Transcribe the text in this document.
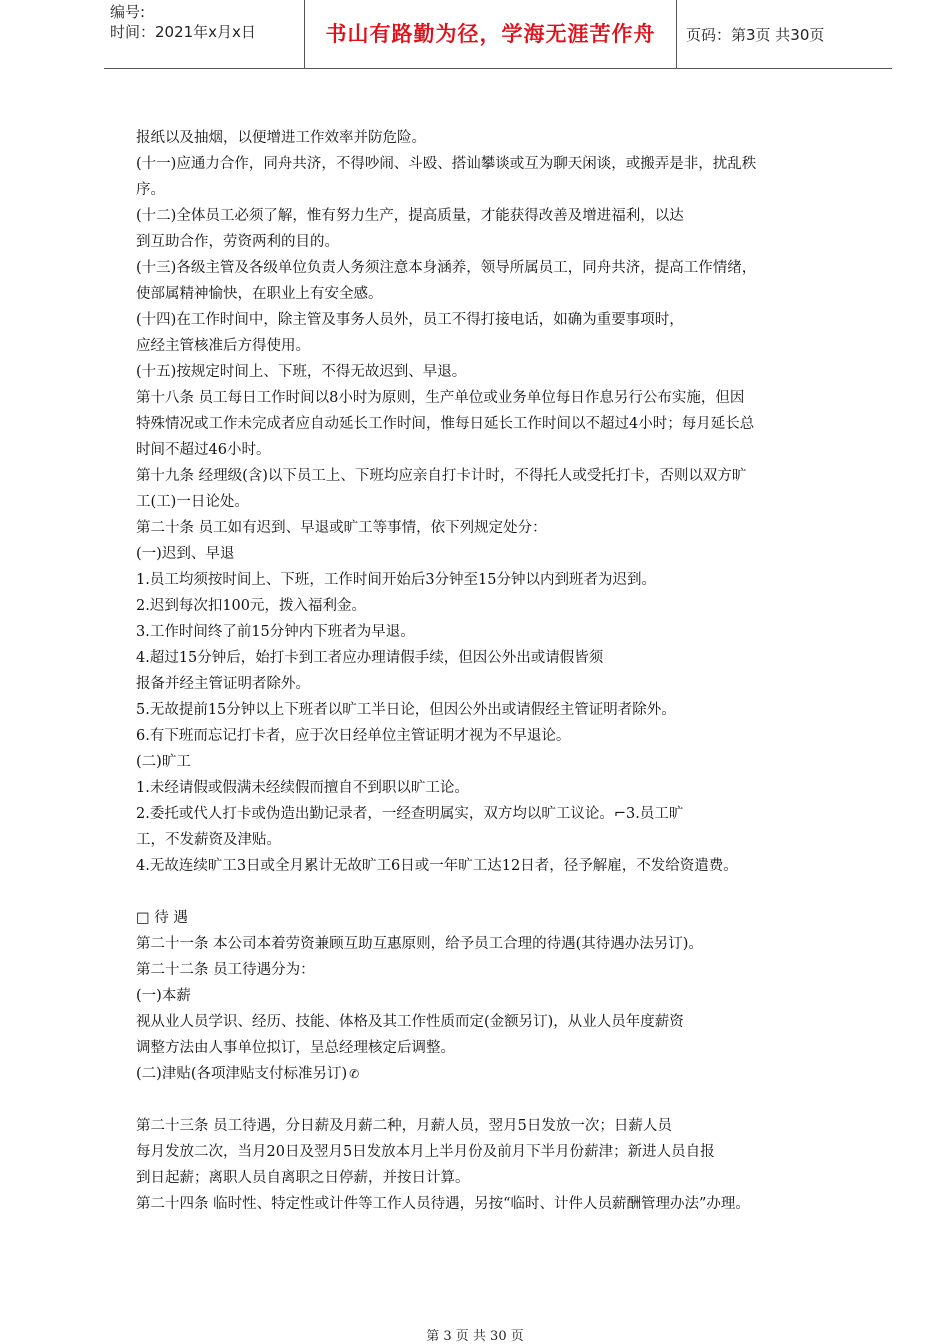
编号:
时间：2021年x月x日	书山有路勤为径，学海无涯苦作舟	页码：第3页 共30页
报纸以及抽烟，以便增进工作效率并防危险。
(十一)应通力合作，同舟共济，不得吵闹、斗殴、搭讪攀谈或互为聊天闲谈，或搬弄是非，扰乱秩
序。
(十二)全体员工必须了解，惟有努力生产，提高质量，才能获得改善及增进福利，以达
到互助合作，劳资两利的目的。
(十三)各级主管及各级单位负责人务须注意本身涵养，领导所属员工，同舟共济，提高工作情绪，
使部属精神愉快，在职业上有安全感。
(十四)在工作时间中，除主管及事务人员外，员工不得打接电话，如确为重要事项时，
应经主管核准后方得使用。
(十五)按规定时间上、下班，不得无故迟到、早退。
第十八条 员工每日工作时间以8小时为原则，生产单位或业务单位每日作息另行公布实施，但因
特殊情况或工作未完成者应自动延长工作时间，惟每日延长工作时间以不超过4小时；每月延长总
时间不超过46小时。
第十九条 经理级(含)以下员工上、下班均应亲自打卡计时，不得托人或受托打卡，否则以双方旷
工(工)一日论处。
第二十条 员工如有迟到、早退或旷工等事情，依下列规定处分：
(一)迟到、早退
1.员工均须按时间上、下班，工作时间开始后3分钟至15分钟以内到班者为迟到。
2.迟到每次扣100元，拨入福利金。
3.工作时间终了前15分钟内下班者为早退。
4.超过15分钟后，始打卡到工者应办理请假手续，但因公外出或请假皆须
报备并经主管证明者除外。
5.无故提前15分钟以上下班者以旷工半日论，但因公外出或请假经主管证明者除外。
6.有下班而忘记打卡者，应于次日经单位主管证明才视为不早退论。
(二)旷工
1.未经请假或假满未经续假而擅自不到职以旷工论。
2.委托或代人打卡或伪造出勤记录者，一经查明属实，双方均以旷工议论。⌐3.员工旷
工，不发薪资及津贴。
4.无故连续旷工3日或全月累计无故旷工6日或一年旷工达12日者，径予解雇，不发给资遣费。
□ 待 遇
第二十一条 本公司本着劳资兼顾互助互惠原则，给予员工合理的待遇(其待遇办法另订)。
第二十二条 员工待遇分为：
(一)本薪
视从业人员学识、经历、技能、体格及其工作性质而定(金额另订)，从业人员年度薪资
调整方法由人事单位拟订，呈总经理核定后调整。
(二)津贴(各项津贴支付标准另订) ✆
第二十三条 员工待遇，分日薪及月薪二种，月薪人员，翌月5日发放一次；日薪人员
每月发放二次，当月20日及翌月5日发放本月上半月份及前月下半月份薪津；新进人员自报
到日起薪；离职人员自离职之日停薪，并按日计算。
第二十四条 临时性、特定性或计件等工作人员待遇，另按“临时、计件人员薪酬管理办法”办理。
第 3 页 共 30 页
